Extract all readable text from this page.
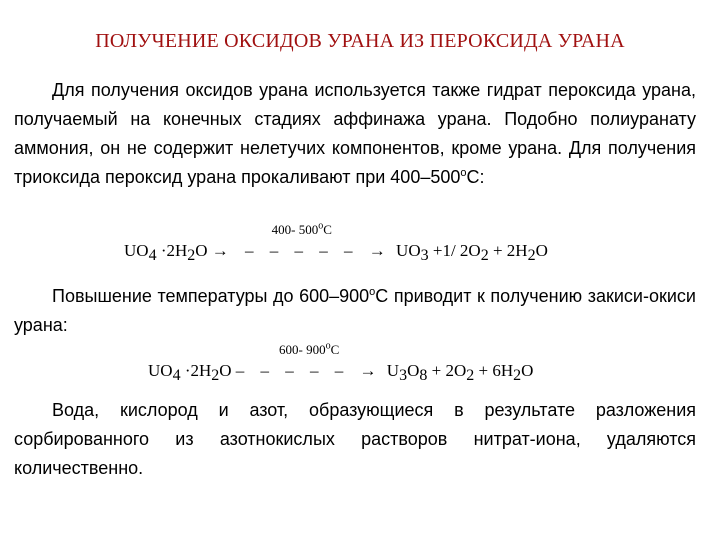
ПОЛУЧЕНИЕ ОКСИДОВ УРАНА ИЗ ПЕРОКСИДА УРАНА
Для получения оксидов урана используется также гидрат пероксида урана, получаемый на конечных стадиях аффинажа урана. Подобно полиуранату аммония, он не содержит нелетучих компонентов, кроме урана. Для получения триоксида пероксид урана прокаливают при $400-500^оС$:
$UO_4 \cdot 2H_2O$
400- $500^oC$
→ – – – – – → $UO_3 +1/$ $2O_2 + 2H_2O$
Повышение температуры до $600-900^оС$ приводит к получению закиси-окиси урана:
$UO_4 \cdot 2H_2O$
600- 900$^o$C
– – – – – → $U_3O_8 + 2O_2 + 6H_2O$
Вода, кислород и азот, образующиеся в результате разложения сорбированного из азотнокислых растворов нитрат-иона, удаляются количественно.
